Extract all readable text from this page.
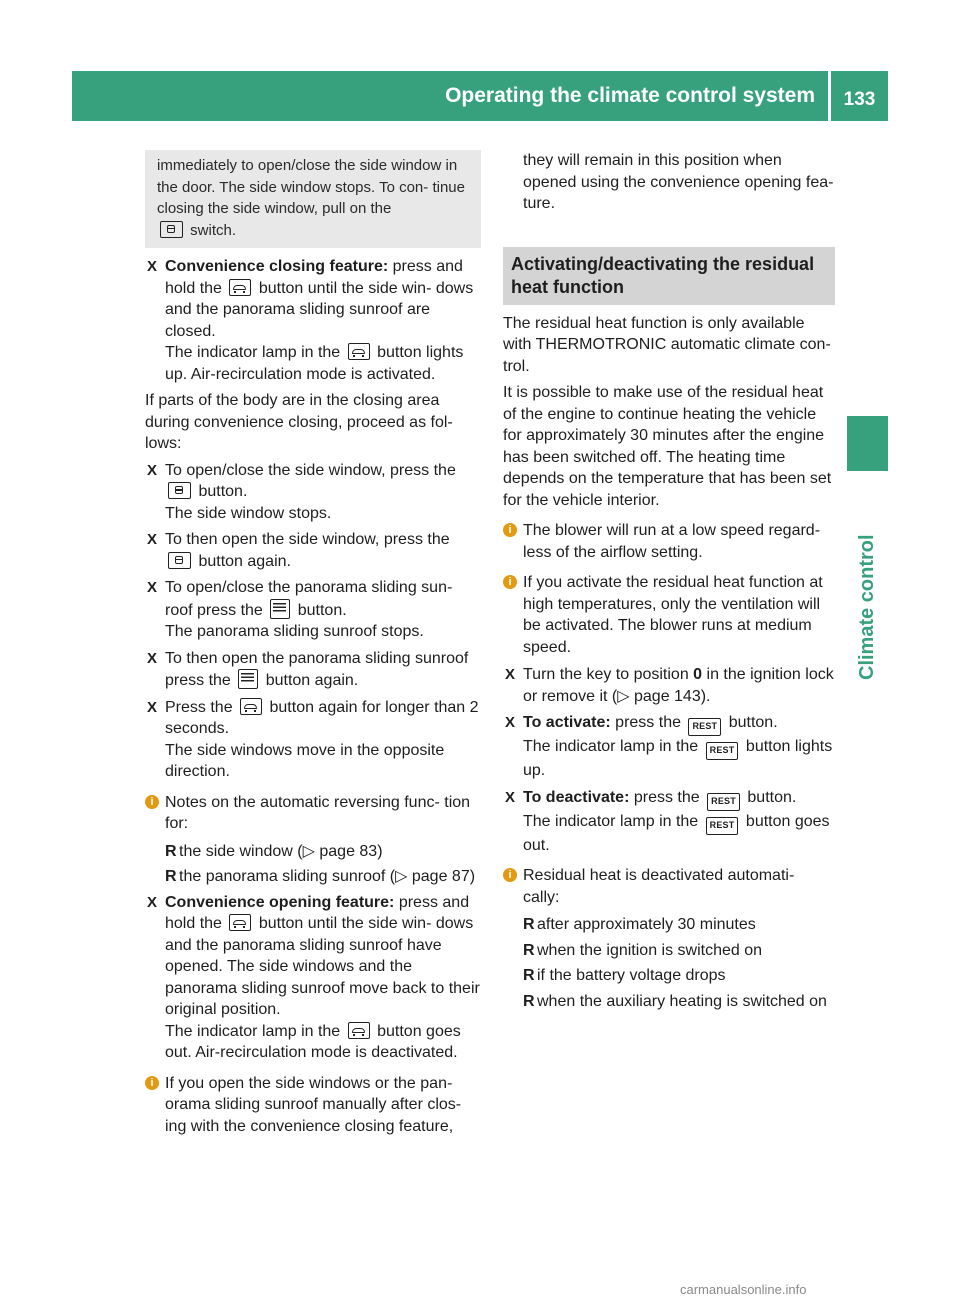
Operating the climate control system	133
Climate control
immediately to open/close the side window in the door. The side window stops. To con- tinue closing the side window, pull on the
switch.
X Convenience closing feature: press and hold the button until the side win- dows and the panorama sliding sunroof are closed.
The indicator lamp in the button lights up. Air-recirculation mode is activated.

If parts of the body are in the closing area during convenience closing, proceed as fol- lows:

X To open/close the side window, press the
button.
The side window stops.
X To then open the side window, press the
button again.
X To open/close the panorama sliding sun- roof press the button.
The panorama sliding sunroof stops.
X To then open the panorama sliding sunroof press the button again.
X Press the button again for longer than 2 seconds.
The side windows move in the opposite direction.
i Notes on the automatic reversing func- tion for:
R the side window (▷ page 83)
R the panorama sliding sunroof (▷ page 87)
X Convenience opening feature: press and hold the button until the side win- dows and the panorama sliding sunroof have opened. The side windows and the panorama sliding sunroof move back to their original position.
The indicator lamp in the button goes out. Air-recirculation mode is deactivated.
i If you open the side windows or the pan- orama sliding sunroof manually after clos- ing with the convenience closing feature,

they will remain in this position when opened using the convenience opening fea- ture.

Activating/deactivating the residual heat function

The residual heat function is only available with THERMOTRONIC automatic climate con- trol.

It is possible to make use of the residual heat of the engine to continue heating the vehicle for approximately 30 minutes after the engine has been switched off. The heating time depends on the temperature that has been set for the vehicle interior.

i The blower will run at a low speed regard- less of the airflow setting.
i If you activate the residual heat function at high temperatures, only the ventilation will be activated. The blower runs at medium speed.
X Turn the key to position 0 in the ignition lock or remove it (▷ page 143).
X To activate: press the REST button.
The indicator lamp in the REST button lights up.
X To deactivate: press the REST button.
The indicator lamp in the REST button goes out.
i Residual heat is deactivated automati- cally:
R after approximately 30 minutes
R when the ignition is switched on
R if the battery voltage drops
R when the auxiliary heating is switched on
carmanualsonline.info
